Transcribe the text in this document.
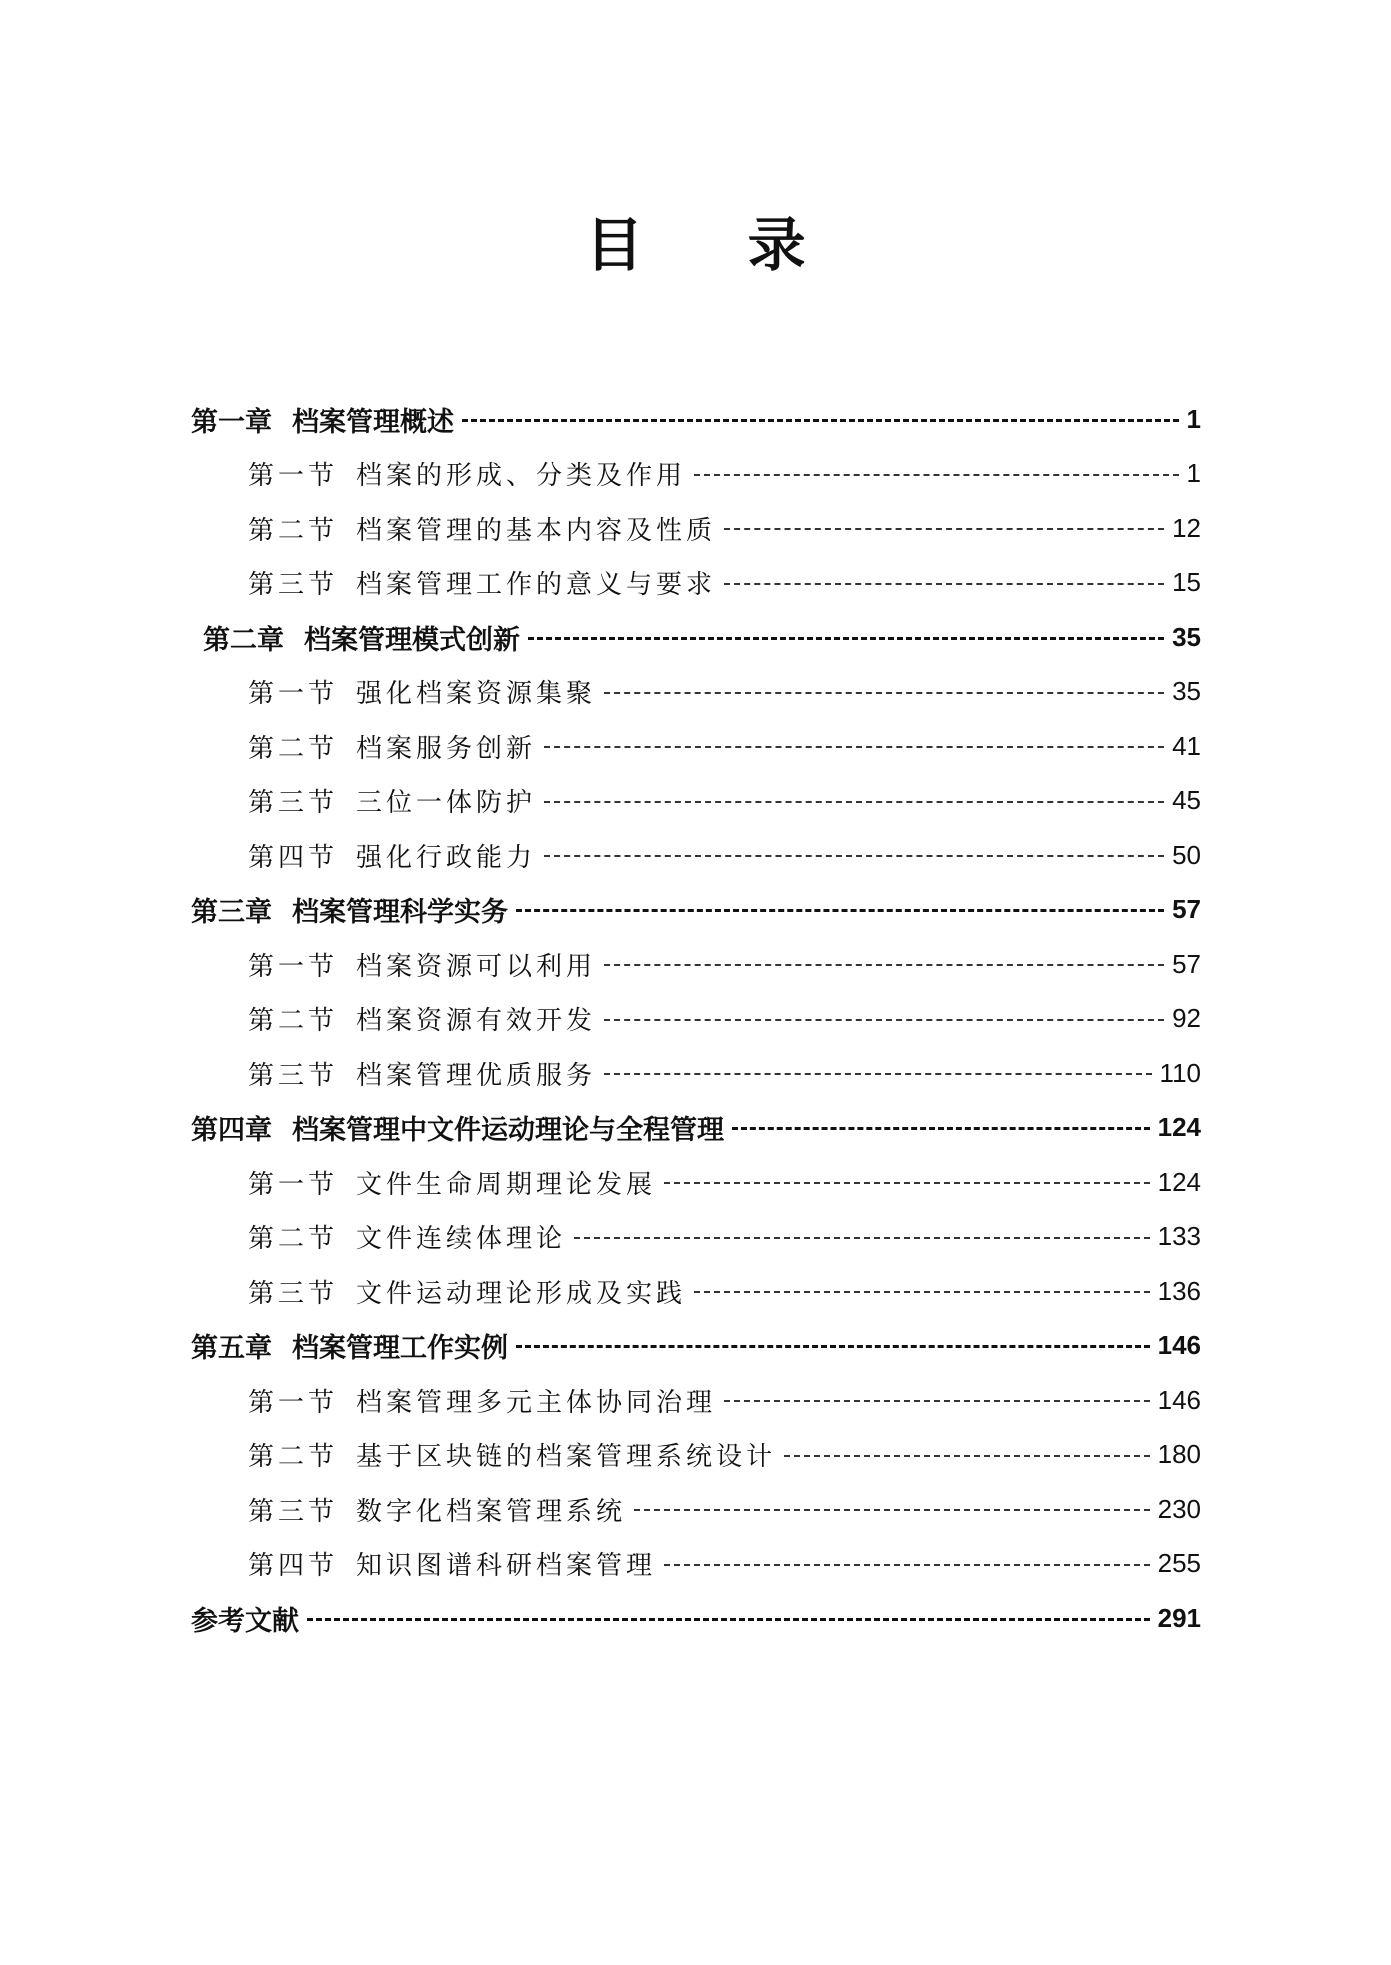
目 录
第一章 档案管理概述	1
第一节 档案的形成、分类及作用	1
第二节 档案管理的基本内容及性质	12
第三节 档案管理工作的意义与要求	15
第二章 档案管理模式创新	35
第一节 强化档案资源集聚	35
第二节 档案服务创新	41
第三节 三位一体防护	45
第四节 强化行政能力	50
第三章 档案管理科学实务	57
第一节 档案资源可以利用	57
第二节 档案资源有效开发	92
第三节 档案管理优质服务	110
第四章 档案管理中文件运动理论与全程管理	124
第一节 文件生命周期理论发展	124
第二节 文件连续体理论	133
第三节 文件运动理论形成及实践	136
第五章 档案管理工作实例	146
第一节 档案管理多元主体协同治理	146
第二节 基于区块链的档案管理系统设计	180
第三节 数字化档案管理系统	230
第四节 知识图谱科研档案管理	255
参考文献	291
